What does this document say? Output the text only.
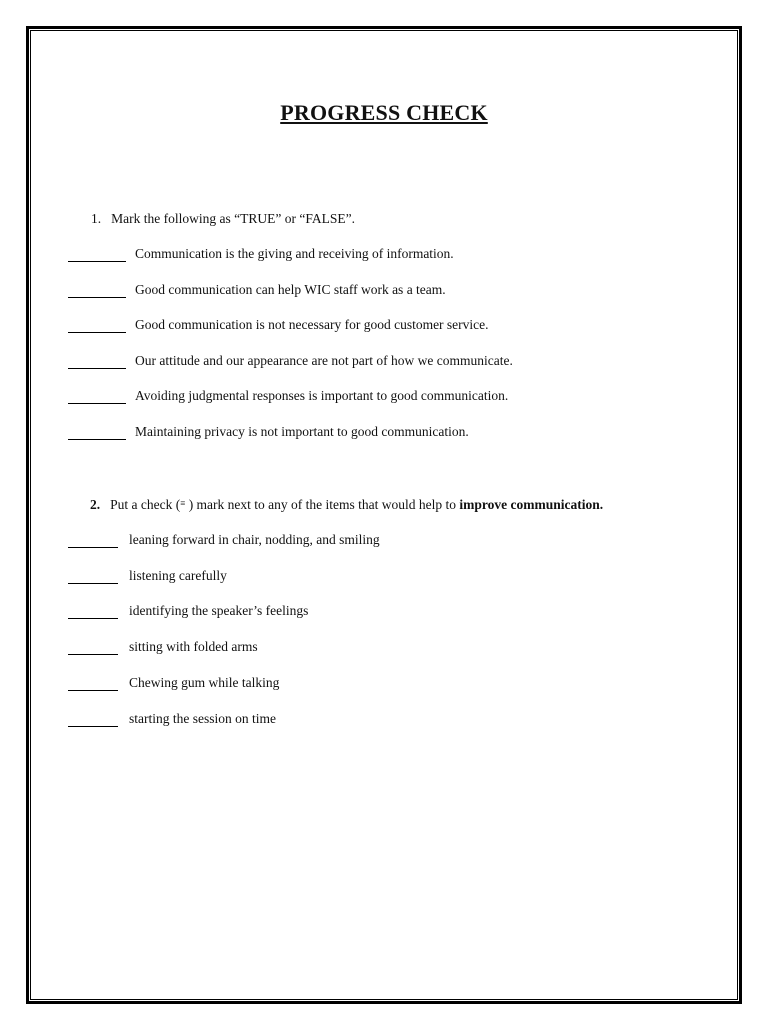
PROGRESS CHECK
1. Mark the following as “TRUE” or “FALSE”.
Communication is the giving and receiving of information.
Good communication can help WIC staff work as a team.
Good communication is not necessary for good customer service.
Our attitude and our appearance are not part of how we communicate.
Avoiding judgmental responses is important to good communication.
Maintaining privacy is not important to good communication.
2. Put a check (≡ ) mark next to any of the items that would help to improve communication.
leaning forward in chair, nodding, and smiling
listening carefully
identifying the speaker’s feelings
sitting with folded arms
Chewing gum while talking
starting the session on time
